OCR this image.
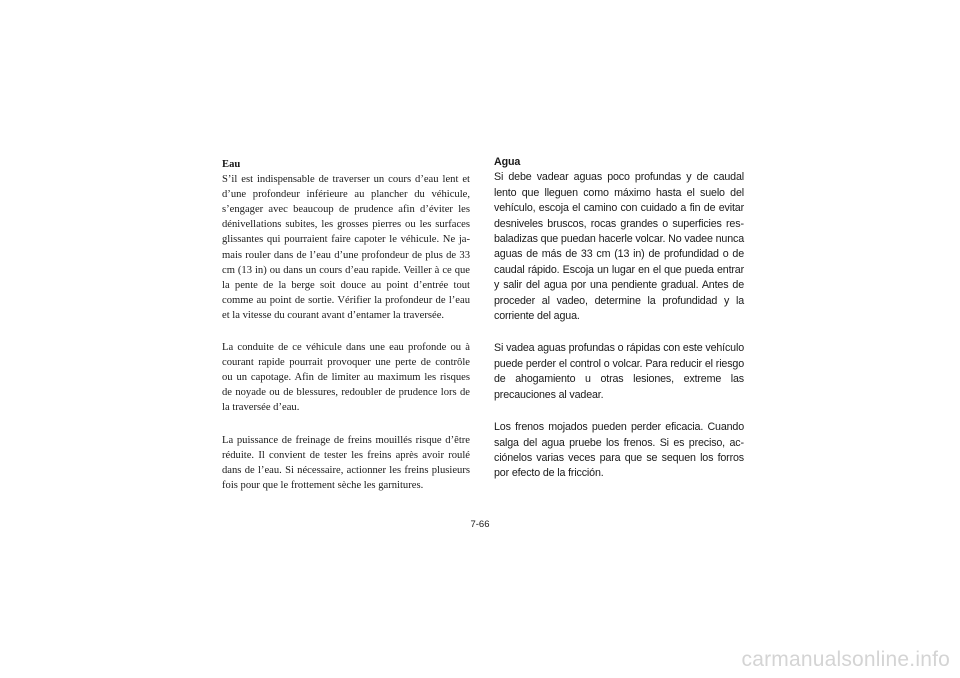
Eau

S’il est indispensable de traverser un cours d’eau lent et d’une profondeur inférieure au plancher du véhicule, s’engager avec beaucoup de prudence afin d’éviter les dénivellations subites, les grosses pierres ou les surfaces glissantes qui pourraient faire capoter le véhicule. Ne jamais rouler dans de l’eau d’une profondeur de plus de 33 cm (13 in) ou dans un cours d’eau rapide. Veiller à ce que la pente de la berge soit douce au point d’entrée tout comme au point de sortie. Vérifier la profondeur de l’eau et la vitesse du courant avant d’entamer la traversée.

La conduite de ce véhicule dans une eau profonde ou à courant rapide pourrait provoquer une perte de contrôle ou un capotage. Afin de limiter au maximum les risques de noyade ou de blessures, redoubler de prudence lors de la traversée d’eau.

La puissance de freinage de freins mouillés risque d’être réduite. Il convient de tester les freins après avoir roulé dans de l’eau. Si nécessaire, actionner les freins plusieurs fois pour que le frottement sèche les garnitures.

Agua

Si debe vadear aguas poco profundas y de caudal lento que lleguen como máximo hasta el suelo del vehículo, escoja el camino con cuidado a fin de evitar desniveles bruscos, rocas grandes o superficies resbaladizas que puedan hacerle volcar. No vadee nunca aguas de más de 33 cm (13 in) de profundidad o de caudal rápido. Escoja un lugar en el que pueda entrar y salir del agua por una pendiente gradual. Antes de proceder al vadeo, determine la profundidad y la corriente del agua.

Si vadea aguas profundas o rápidas con este vehículo puede perder el control o volcar. Para reducir el riesgo de ahogamiento u otras lesiones, extreme las precauciones al vadear.

Los frenos mojados pueden perder eficacia. Cuando salga del agua pruebe los frenos. Si es preciso, acciónelos varias veces para que se sequen los forros por efecto de la fricción.

7-66
carmanualsonline.info
